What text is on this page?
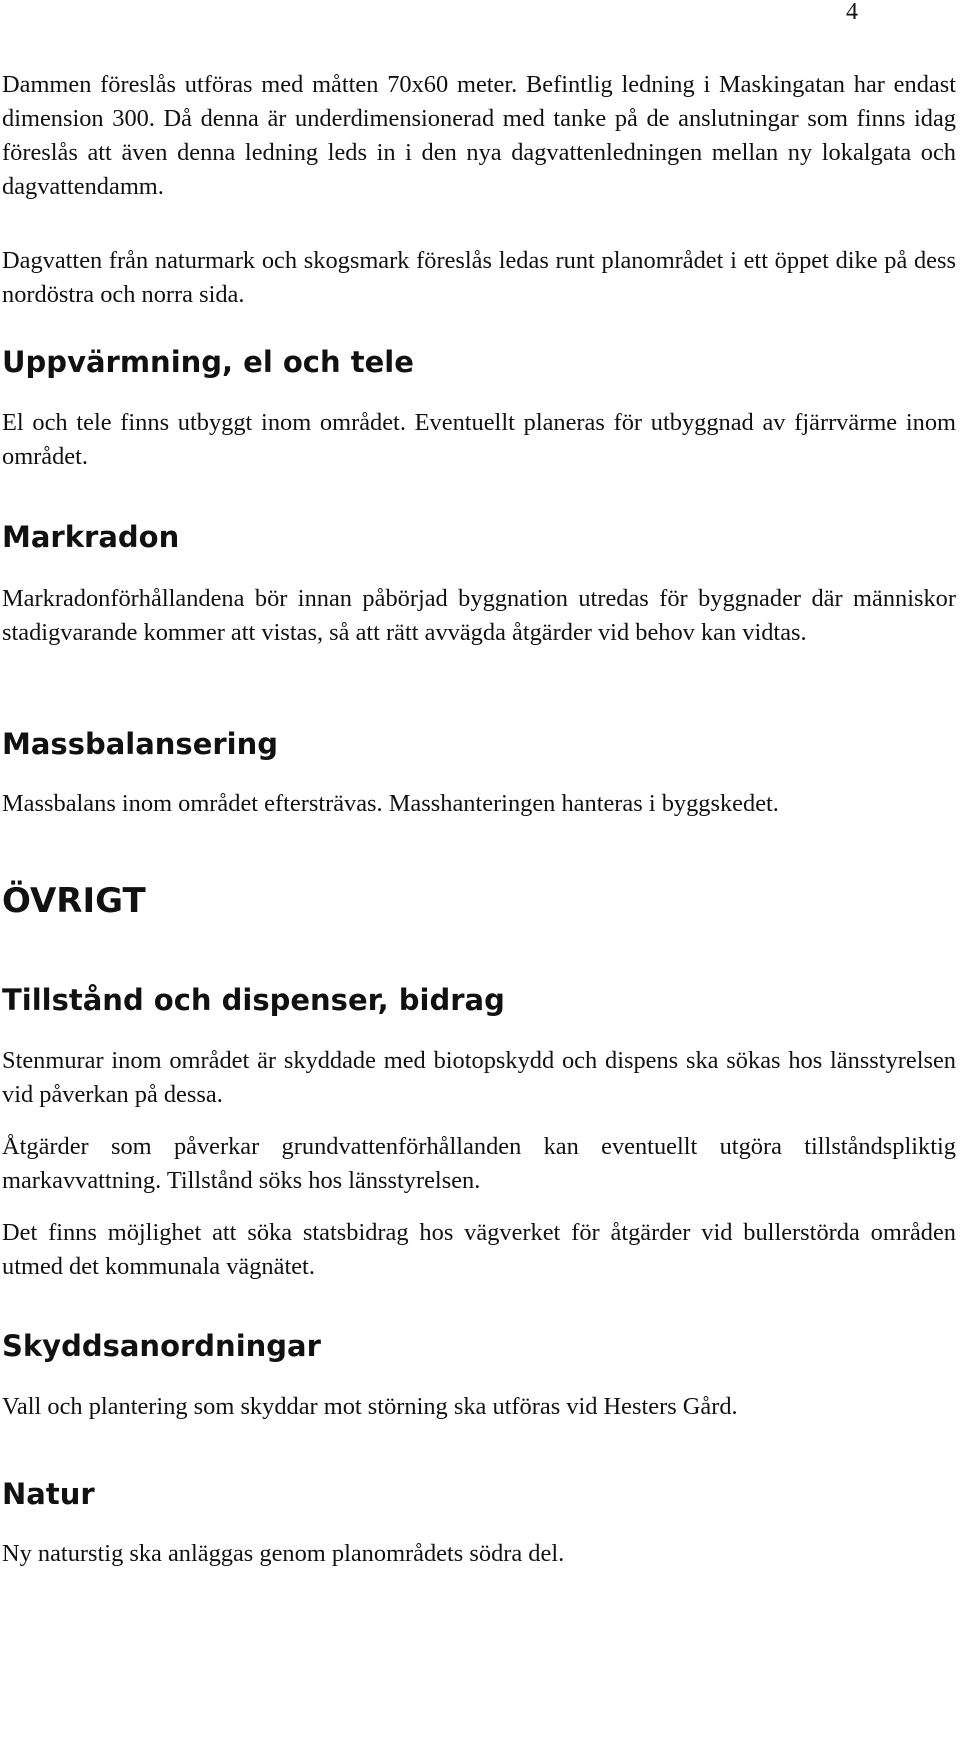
4

Dammen föreslås utföras med måtten 70x60 meter. Befintlig ledning i Maskingatan har endast dimension 300. Då denna är underdimensionerad med tanke på de anslutningar som finns idag föreslås att även denna ledning leds in i den nya dagvattenledningen mellan ny lokalgata och dagvattendamm.

Dagvatten från naturmark och skogsmark föreslås ledas runt planområdet i ett öppet dike på dess nordöstra och norra sida.

Uppvärmning, el och tele

El och tele finns utbyggt inom området. Eventuellt planeras för utbyggnad av fjärrvärme inom området.

Markradon

Markradonförhållandena bör innan påbörjad byggnation utredas för byggnader där människor stadigvarande kommer att vistas, så att rätt avvägda åtgärder vid behov kan vidtas.

Massbalansering

Massbalans inom området eftersträvas. Masshanteringen hanteras i byggskedet.

ÖVRIGT
Tillstånd och dispenser, bidrag

Stenmurar inom området är skyddade med biotopskydd och dispens ska sökas hos länsstyrelsen vid påverkan på dessa.

Åtgärder som påverkar grundvattenförhållanden kan eventuellt utgöra tillståndspliktig markavvattning. Tillstånd söks hos länsstyrelsen.

Det finns möjlighet att söka statsbidrag hos vägverket för åtgärder vid bullerstörda områden utmed det kommunala vägnätet.

Skyddsanordningar

Vall och plantering som skyddar mot störning ska utföras vid Hesters Gård.

Natur

Ny naturstig ska anläggas genom planområdets södra del.
